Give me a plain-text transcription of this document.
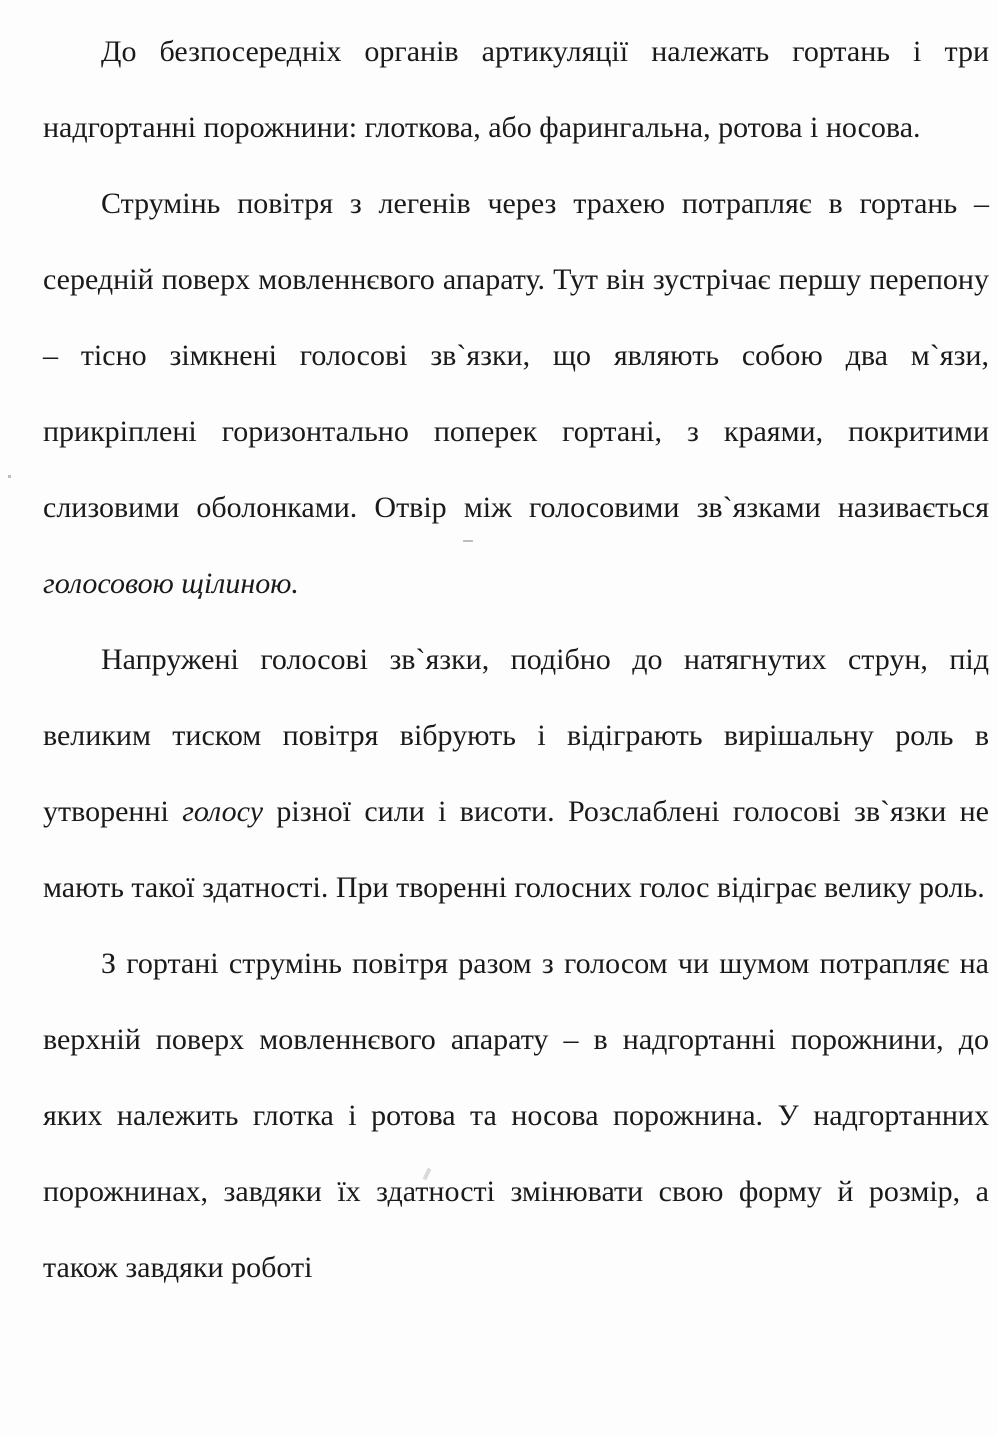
До безпосередніх органів артикуляції належать гортань і три надгортанні порожнини: глоткова, або фарингальна, ротова і носова.

Струмінь повітря з легенів через трахею потрапляє в гортань – середній поверх мовленнєвого апарату. Тут він зустрічає першу перепону – тісно зімкнені голосові зв`язки, що являють собою два м`язи, прикріплені горизонтально поперек гортані, з краями, покритими слизовими оболонками. Отвір між голосовими зв`язками називається голосовою щілиною.

Напружені голосові зв`язки, подібно до натягнутих струн, під великим тиском повітря вібрують і відіграють вирішальну роль в утворенні голосу різної сили і висоти. Розслаблені голосові зв`язки не мають такої здатності. При творенні голосних голос відіграє велику роль.

З гортані струмінь повітря разом з голосом чи шумом потрапляє на верхній поверх мовленнєвого апарату – в надгортанні порожнини, до яких належить глотка і ротова та носова порожнина. У надгортанних порожнинах, завдяки їх здатності змінювати свою форму й розмір, а також завдяки роботі
